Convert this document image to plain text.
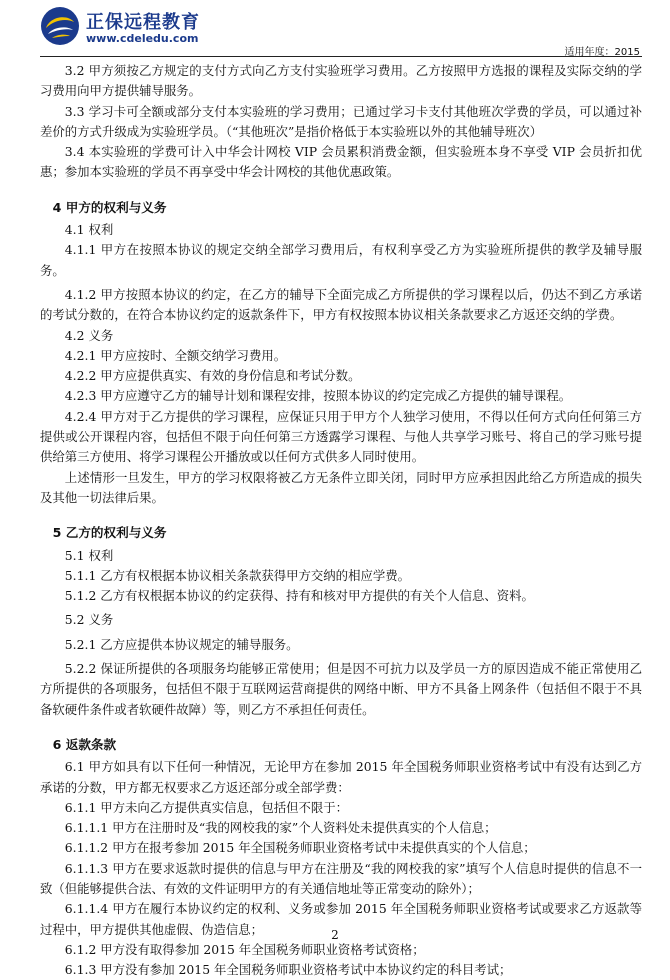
正保远程教育
www.cdeledu.com
适用年度：2015

3.2 甲方须按乙方规定的支付方式向乙方支付实验班学习费用。乙方按照甲方选报的课程及实际交纳的学习费用向甲方提供辅导服务。

3.3 学习卡可全额或部分支付本实验班的学习费用；已通过学习卡支付其他班次学费的学员，可以通过补差价的方式升级成为实验班学员。（“其他班次”是指价格低于本实验班以外的其他辅导班次）

3.4 本实验班的学费可计入中华会计网校 VIP 会员累积消费金额，但实验班本身不享受 VIP 会员折扣优惠；参加本实验班的学员不再享受中华会计网校的其他优惠政策。

4 甲方的权利与义务

4.1 权利

4.1.1 甲方在按照本协议的规定交纳全部学习费用后，有权利享受乙方为实验班所提供的教学及辅导服务。

4.1.2 甲方按照本协议的约定，在乙方的辅导下全面完成乙方所提供的学习课程以后，仍达不到乙方承诺的考试分数的，在符合本协议约定的返款条件下，甲方有权按照本协议相关条款要求乙方返还交纳的学费。

4.2 义务

4.2.1 甲方应按时、全额交纳学习费用。

4.2.2 甲方应提供真实、有效的身份信息和考试分数。

4.2.3 甲方应遵守乙方的辅导计划和课程安排，按照本协议的约定完成乙方提供的辅导课程。

4.2.4 甲方对于乙方提供的学习课程，应保证只用于甲方个人独学习使用，不得以任何方式向任何第三方提供或公开课程内容，包括但不限于向任何第三方透露学习课程、与他人共享学习账号、将自己的学习账号提供给第三方使用、将学习课程公开播放或以任何方式供多人同时使用。

上述情形一旦发生，甲方的学习权限将被乙方无条件立即关闭，同时甲方应承担因此给乙方所造成的损失及其他一切法律后果。

5 乙方的权利与义务

5.1 权利

5.1.1 乙方有权根据本协议相关条款获得甲方交纳的相应学费。

5.1.2 乙方有权根据本协议的约定获得、持有和核对甲方提供的有关个人信息、资料。

5.2 义务

5.2.1 乙方应提供本协议规定的辅导服务。

5.2.2 保证所提供的各项服务均能够正常使用；但是因不可抗力以及学员一方的原因造成不能正常使用乙方所提供的各项服务，包括但不限于互联网运营商提供的网络中断、甲方不具备上网条件（包括但不限于不具备软硬件条件或者软硬件故障）等，则乙方不承担任何责任。

6 返款条款

6.1 甲方如具有以下任何一种情况，无论甲方在参加 2015 年全国税务师职业资格考试中有没有达到乙方承诺的分数，甲方都无权要求乙方返还部分或全部学费：

6.1.1 甲方未向乙方提供真实信息，包括但不限于：

6.1.1.1 甲方在注册时及“我的网校我的家”个人资料处未提供真实的个人信息；

6.1.1.2 甲方在报考参加 2015 年全国税务师职业资格考试中未提供真实的个人信息；

6.1.1.3 甲方在要求返款时提供的信息与甲方在注册及“我的网校我的家”填写个人信息时提供的信息不一致（但能够提供合法、有效的文件证明甲方的有关通信地址等正常变动的除外）；

6.1.1.4 甲方在履行本协议约定的权利、义务或参加 2015 年全国税务师职业资格考试或要求乙方返款等过程中，甲方提供其他虚假、伪造信息；

6.1.2 甲方没有取得参加 2015 年全国税务师职业资格考试资格；

6.1.3 甲方没有参加 2015 年全国税务师职业资格考试中本协议约定的科目考试；

2
